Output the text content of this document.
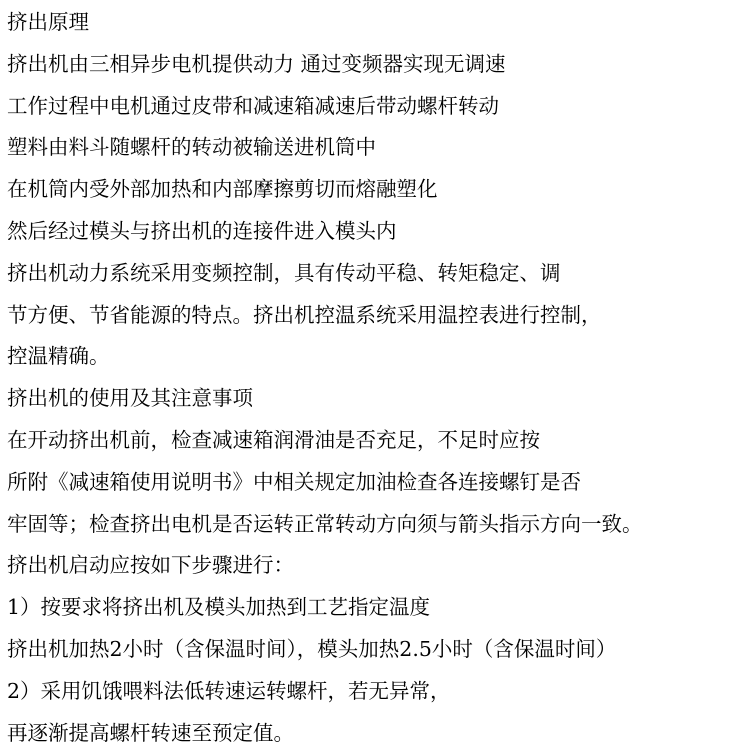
挤出原理

挤出机由三相异步电机提供动力 通过变频器实现无调速

工作过程中电机通过皮带和减速箱减速后带动螺杆转动

塑料由料斗随螺杆的转动被输送进机筒中

在机筒内受外部加热和内部摩擦剪切而熔融塑化

然后经过模头与挤出机的连接件进入模头内

挤出机动力系统采用变频控制，具有传动平稳、转矩稳定、调

节方便、节省能源的特点。挤出机控温系统采用温控表进行控制，

控温精确。

挤出机的使用及其注意事项

在开动挤出机前，检查减速箱润滑油是否充足，不足时应按

所附《减速箱使用说明书》中相关规定加油检查各连接螺钉是否

牢固等；检查挤出电机是否运转正常转动方向须与箭头指示方向一致。

挤出机启动应按如下步骤进行：

1）按要求将挤出机及模头加热到工艺指定温度

挤出机加热2小时（含保温时间），模头加热2.5小时（含保温时间）

2）采用饥饿喂料法低转速运转螺杆，若无异常，

再逐渐提高螺杆转速至预定值。
